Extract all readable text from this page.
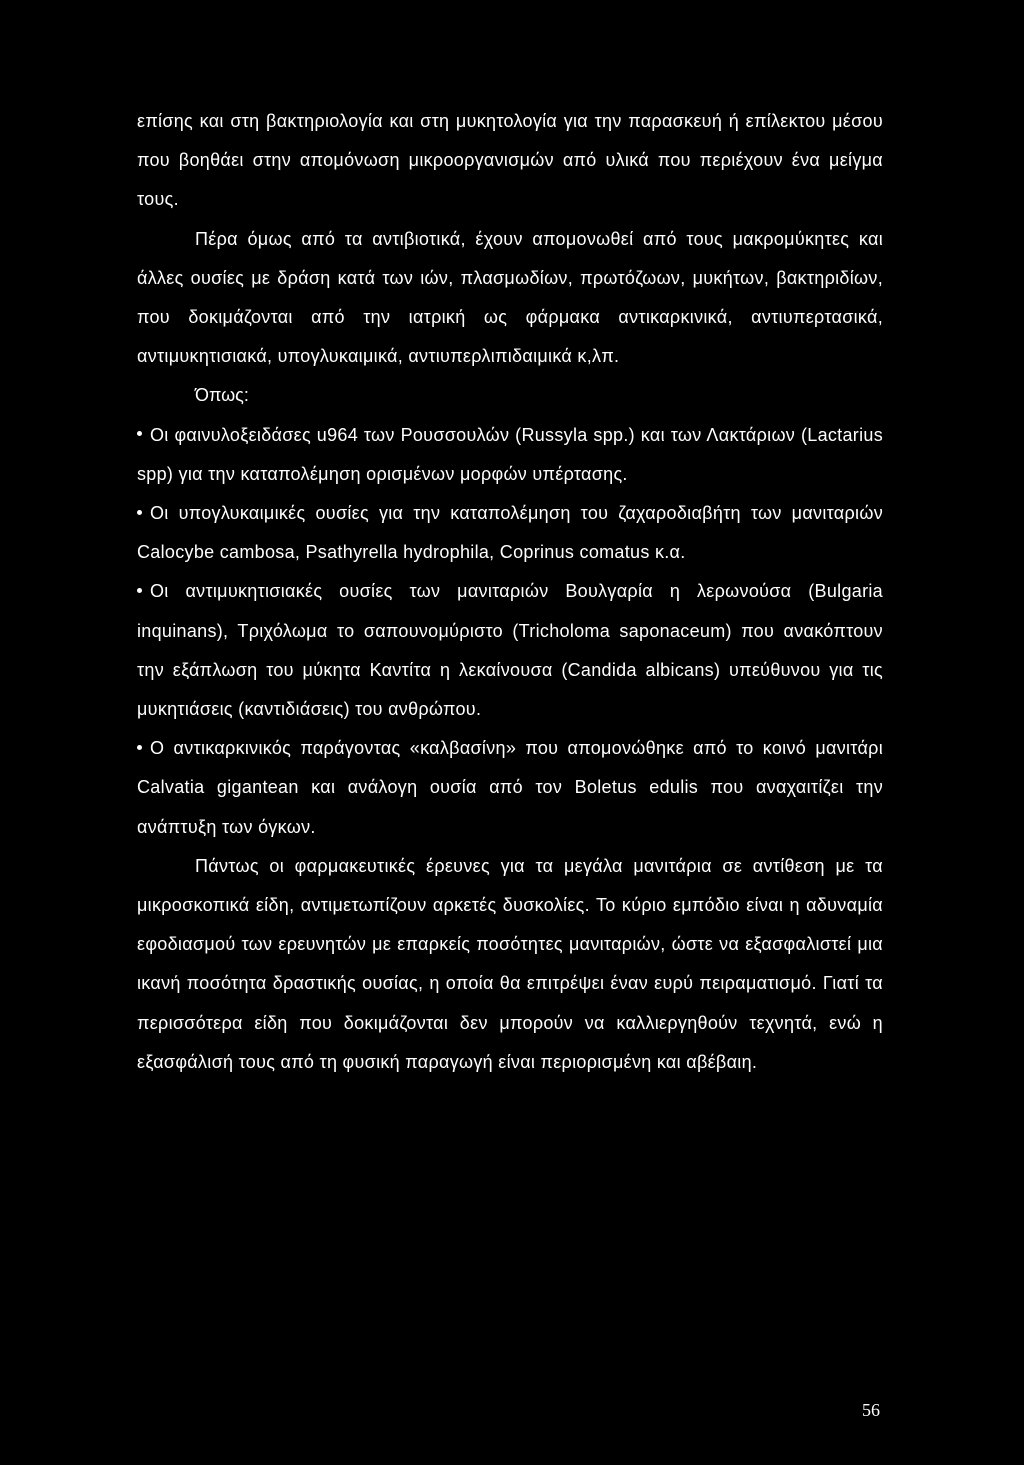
επίσης και στη βακτηριολογία και στη μυκητολογία για την παρασκευή ή επίλεκτου μέσου που βοηθάει στην απομόνωση μικροοργανισμών από υλικά που περιέχουν ένα μείγμα τους.

Πέρα όμως από τα αντιβιοτικά, έχουν απομονωθεί από τους μακρομύκητες και άλλες ουσίες με δράση κατά των ιών, πλασμωδίων, πρωτόζωων, μυκήτων, βακτηριδίων, που δοκιμάζονται από την ιατρική ως φάρμακα αντικαρκινικά, αντιυπερτασικά, αντιμυκητισιακά, υπογλυκαιμικά, αντιυπερλιπιδαιμικά κ,λπ.

Όπως:

Οι φαινυλοξειδάσες u964 των Ρουσσουλών (Russyla spp.) και των Λακτάριων (Lactarius spp) για την καταπολέμηση ορισμένων μορφών υπέρτασης.

Οι υπογλυκαιμικές ουσίες για την καταπολέμηση του ζαχαροδιαβήτη των μανιταριών Calocybe cambosa, Psathyrella hydrophila, Coprinus comatus κ.α.

Οι αντιμυκητισιακές ουσίες των μανιταριών Βουλγαρία η λερωνούσα (Bulgaria inquinans), Τριχόλωμα το σαπουνομύριστο (Tricholoma saponaceum) που ανακόπτουν την εξάπλωση του μύκητα Καντίτα η λεκαίνουσα (Candida albicans) υπεύθυνου για τις μυκητιάσεις (καντιδιάσεις) του ανθρώπου.

Ο αντικαρκινικός παράγοντας «καλβασίνη» που απομονώθηκε από το κοινό μανιτάρι Calvatia gigantean και ανάλογη ουσία από τον Boletus edulis που αναχαιτίζει την ανάπτυξη των όγκων.

Πάντως οι φαρμακευτικές έρευνες για τα μεγάλα μανιτάρια σε αντίθεση με τα μικροσκοπικά είδη, αντιμετωπίζουν αρκετές δυσκολίες. Το κύριο εμπόδιο είναι η αδυναμία εφοδιασμού των ερευνητών με επαρκείς ποσότητες μανιταριών, ώστε να εξασφαλιστεί μια ικανή ποσότητα δραστικής ουσίας, η οποία θα επιτρέψει έναν ευρύ πειραματισμό. Γιατί τα περισσότερα είδη που δοκιμάζονται δεν μπορούν να καλλιεργηθούν τεχνητά, ενώ η εξασφάλισή τους από τη φυσική παραγωγή είναι περιορισμένη και αβέβαιη.

56
